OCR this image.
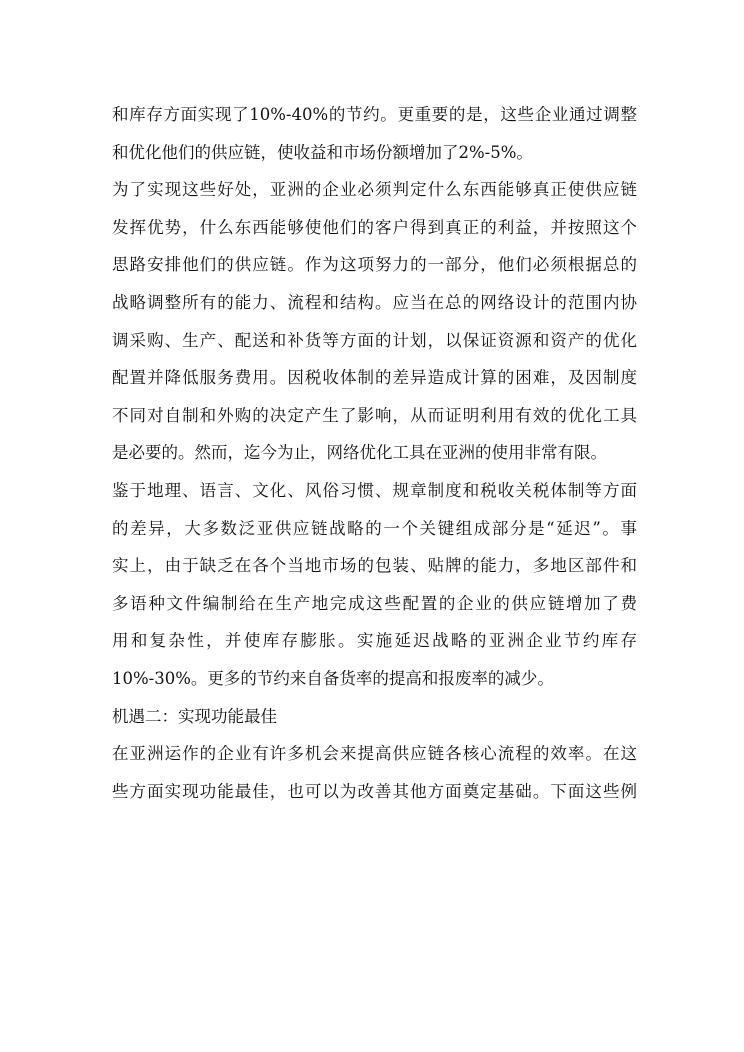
和库存方面实现了10%-40%的节约。更重要的是，这些企业通过调整
和优化他们的供应链，使收益和市场份额增加了2%-5%。
为了实现这些好处，亚洲的企业必须判定什么东西能够真正使供应链
发挥优势，什么东西能够使他们的客户得到真正的利益，并按照这个
思路安排他们的供应链。作为这项努力的一部分，他们必须根据总的
战略调整所有的能力、流程和结构。应当在总的网络设计的范围内协
调采购、生产、配送和补货等方面的计划，以保证资源和资产的优化
配置并降低服务费用。因税收体制的差异造成计算的困难，及因制度
不同对自制和外购的决定产生了影响，从而证明利用有效的优化工具
是必要的。然而，迄今为止，网络优化工具在亚洲的使用非常有限。
鉴于地理、语言、文化、风俗习惯、规章制度和税收关税体制等方面
的差异，大多数泛亚供应链战略的一个关键组成部分是“延迟”。事
实上，由于缺乏在各个当地市场的包装、贴牌的能力，多地区部件和
多语种文件编制给在生产地完成这些配置的企业的供应链增加了费
用和复杂性，并使库存膨胀。实施延迟战略的亚洲企业节约库存
10%-30%。更多的节约来自备货率的提高和报废率的减少。
机遇二：实现功能最佳
在亚洲运作的企业有许多机会来提高供应链各核心流程的效率。在这
些方面实现功能最佳，也可以为改善其他方面奠定基础。下面这些例
